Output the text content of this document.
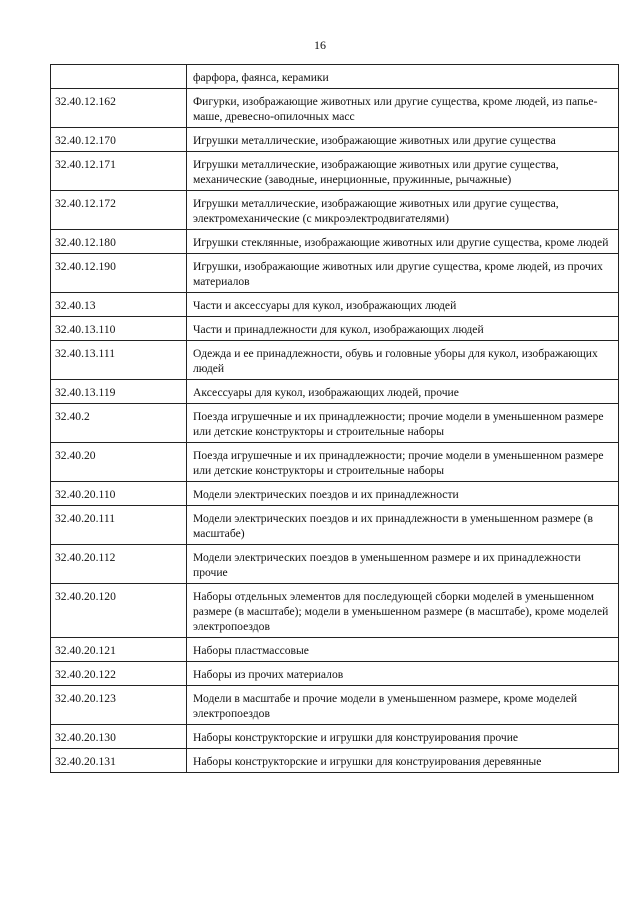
16
	фарфора, фаянса, керамики
32.40.12.162	Фигурки, изображающие животных или другие существа, кроме людей, из папье-маше, древесно-опилочных масс
32.40.12.170	Игрушки металлические, изображающие животных или другие существа
32.40.12.171	Игрушки металлические, изображающие животных или другие существа, механические (заводные, инерционные, пружинные, рычажные)
32.40.12.172	Игрушки металлические, изображающие животных или другие существа, электромеханические (с микроэлектродвигателями)
32.40.12.180	Игрушки стеклянные, изображающие животных или другие существа, кроме людей
32.40.12.190	Игрушки, изображающие животных или другие существа, кроме людей, из прочих материалов
32.40.13	Части и аксессуары для кукол, изображающих людей
32.40.13.110	Части и принадлежности для кукол, изображающих людей
32.40.13.111	Одежда и ее принадлежности, обувь и головные уборы для кукол, изображающих людей
32.40.13.119	Аксессуары для кукол, изображающих людей, прочие
32.40.2	Поезда игрушечные и их принадлежности; прочие модели в уменьшенном размере или детские конструкторы и строительные наборы
32.40.20	Поезда игрушечные и их принадлежности; прочие модели в уменьшенном размере или детские конструкторы и строительные наборы
32.40.20.110	Модели электрических поездов и их принадлежности
32.40.20.111	Модели электрических поездов и их принадлежности в уменьшенном размере (в масштабе)
32.40.20.112	Модели электрических поездов в уменьшенном размере и их принадлежности прочие
32.40.20.120	Наборы отдельных элементов для последующей сборки моделей в уменьшенном размере (в масштабе); модели в уменьшенном размере (в масштабе), кроме моделей электропоездов
32.40.20.121	Наборы пластмассовые
32.40.20.122	Наборы из прочих материалов
32.40.20.123	Модели в масштабе и прочие модели в уменьшенном размере, кроме моделей электропоездов
32.40.20.130	Наборы конструкторские и игрушки для конструирования прочие
32.40.20.131	Наборы конструкторские и игрушки для конструирования деревянные
